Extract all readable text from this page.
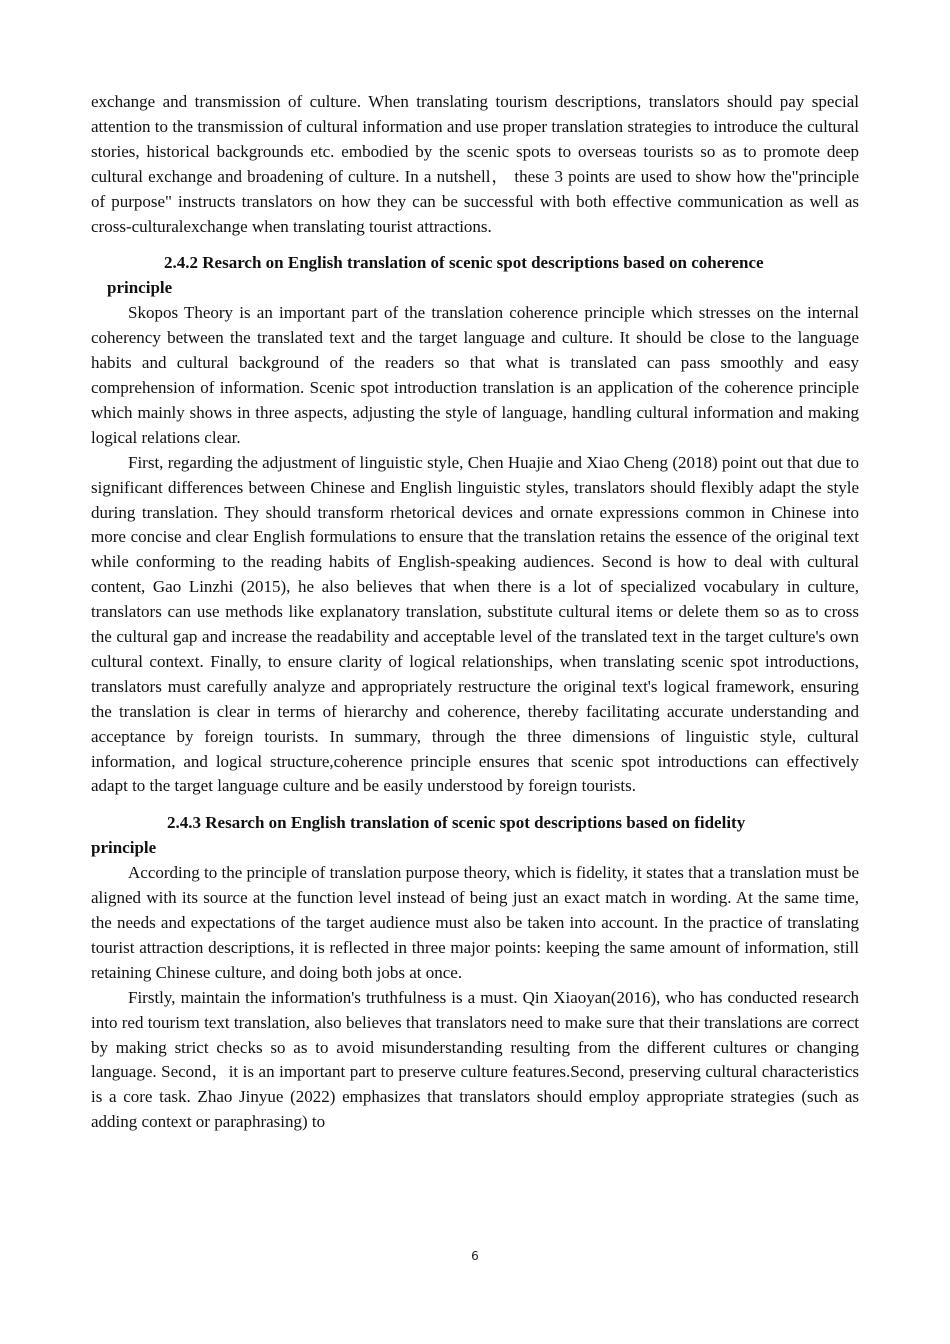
exchange and transmission of culture. When translating tourism descriptions, translators should pay special attention to the transmission of cultural information and use proper translation strategies to introduce the cultural stories, historical backgrounds etc. embodied by the scenic spots to overseas tourists so as to promote deep cultural exchange and broadening of culture. In a nutshell， these 3 points are used to show how the"principle of purpose" instructs translators on how they can be successful with both effective communication as well as cross-culturalexchange when translating tourist attractions.

2.4.2 Resarch on English translation of scenic spot descriptions based on coherence
principle

Skopos Theory is an important part of the translation coherence principle which stresses on the internal coherency between the translated text and the target language and culture. It should be close to the language habits and cultural background of the readers so that what is translated can pass smoothly and easy comprehension of information. Scenic spot introduction translation is an application of the coherence principle which mainly shows in three aspects, adjusting the style of language, handling cultural information and making logical relations clear.

First, regarding the adjustment of linguistic style, Chen Huajie and Xiao Cheng (2018) point out that due to significant differences between Chinese and English linguistic styles, translators should flexibly adapt the style during translation. They should transform rhetorical devices and ornate expressions common in Chinese into more concise and clear English formulations to ensure that the translation retains the essence of the original text while conforming to the reading habits of English-speaking audiences. Second is how to deal with cultural content, Gao Linzhi (2015), he also believes that when there is a lot of specialized vocabulary in culture, translators can use methods like explanatory translation, substitute cultural items or delete them so as to cross the cultural gap and increase the readability and acceptable level of the translated text in the target culture's own cultural context. Finally, to ensure clarity of logical relationships, when translating scenic spot introductions, translators must carefully analyze and appropriately restructure the original text's logical framework, ensuring the translation is clear in terms of hierarchy and coherence, thereby facilitating accurate understanding and acceptance by foreign tourists. In summary, through the three dimensions of linguistic style, cultural information, and logical structure,coherence principle ensures that scenic spot introductions can effectively adapt to the target language culture and be easily understood by foreign tourists.

2.4.3 Resarch on English translation of scenic spot descriptions based on fidelity
principle

According to the principle of translation purpose theory, which is fidelity, it states that a translation must be aligned with its source at the function level instead of being just an exact match in wording. At the same time, the needs and expectations of the target audience must also be taken into account. In the practice of translating tourist attraction descriptions, it is reflected in three major points: keeping the same amount of information, still retaining Chinese culture, and doing both jobs at once.

Firstly, maintain the information's truthfulness is a must. Qin Xiaoyan(2016), who has conducted research into red tourism text translation, also believes that translators need to make sure that their translations are correct by making strict checks so as to avoid misunderstanding resulting from the different cultures or changing language. Second，it is an important part to preserve culture features.Second, preserving cultural characteristics is a core task. Zhao Jinyue (2022) emphasizes that translators should employ appropriate strategies (such as adding context or paraphrasing) to

6
